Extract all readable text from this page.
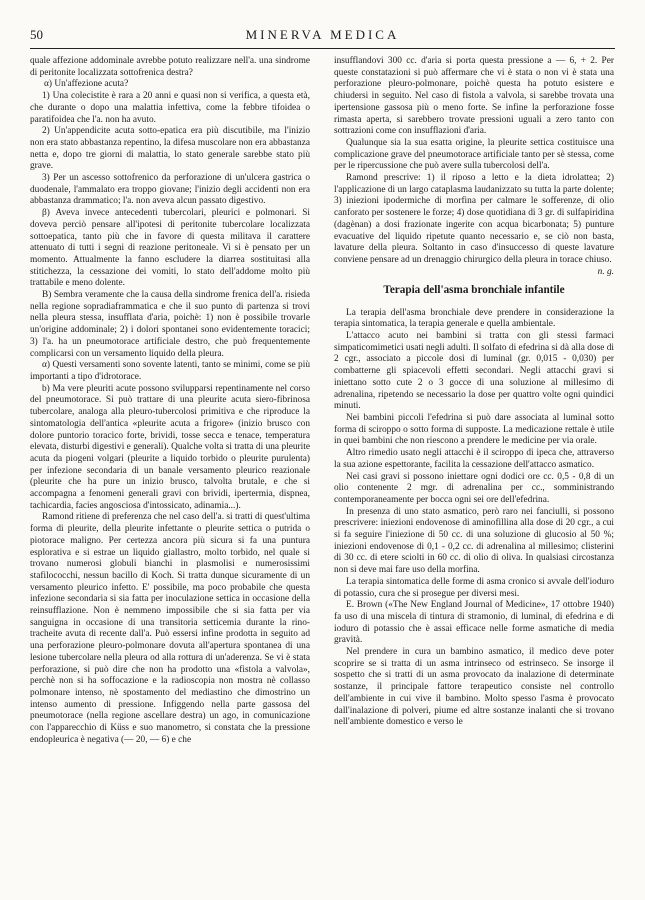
50	MINERVA MEDICA

quale affezione addominale avrebbe potuto realizzare nell'a. una sindrome di peritonite localizzata sottofrenica destra?

α) Un'affezione acuta?

1) Una colecistite è rara a 20 anni e quasi non si verifica, a questa età, che durante o dopo una malattia infettiva, come la febbre tifoidea o paratifoidea che l'a. non ha avuto.

2) Un'appendicite acuta sotto-epatica era più discutibile, ma l'inizio non era stato abbastanza repentino, la difesa muscolare non era abbastanza netta e, dopo tre giorni di malattia, lo stato generale sarebbe stato più grave.

3) Per un ascesso sottofrenico da perforazione di un'ulcera gastrica o duodenale, l'ammalato era troppo giovane; l'inizio degli accidenti non era abbastanza drammatico; l'a. non aveva alcun passato digestivo.

β) Aveva invece antecedenti tubercolari, pleurici e polmonari. Si doveva perciò pensare all'ipotesi di peritonite tubercolare localizzata sottoepatica, tanto più che in favore di questa militava il carattere attenuato di tutti i segni di reazione peritoneale. Vi si è pensato per un momento. Attualmente la fanno escludere la diarrea sostituitasi alla stitichezza, la cessazione dei vomiti, lo stato dell'addome molto più trattabile e meno dolente.

B) Sembra veramente che la causa della sindrome frenica dell'a. risieda nella regione sopradiaframmatica e che il suo punto di partenza si trovi nella pleura stessa, insufflata d'aria, poichè: 1) non è possibile trovarle un'origine addominale; 2) i dolori spontanei sono evidentemente toracici; 3) l'a. ha un pneumotorace artificiale destro, che può frequentemente complicarsi con un versamento liquido della pleura.

α) Questi versamenti sono sovente latenti, tanto se minimi, come se più importanti a tipo d'idrotorace.

b) Ma vere pleuriti acute possono svilupparsi repentinamente nel corso del pneumotorace. Si può trattare di una pleurite acuta siero-fibrinosa tubercolare, analoga alla pleuro-tubercolosi primitiva e che riproduce la sintomatologia dell'antica «pleurite acuta a frigore» (inizio brusco con dolore puntorio toracico forte, brividi, tosse secca e tenace, temperatura elevata, disturbi digestivi e generali). Qualche volta si tratta di una pleurite acuta da piogeni volgari (pleurite a liquido torbido o pleurite purulenta) per infezione secondaria di un banale versamento pleurico reazionale (pleurite che ha pure un inizio brusco, talvolta brutale, e che si accompagna a fenomeni generali gravi con brividi, ipertermia, dispnea, tachicardia, facies angosciosa d'intossicato, adinamia...).

Ramond ritiene di preferenza che nel caso dell'a. si tratti di quest'ultima forma di pleurite, della pleurite infettante o pleurite settica o putrida o piotorace maligno. Per certezza ancora più sicura si fa una puntura esplorativa e si estrae un liquido giallastro, molto torbido, nel quale si trovano numerosi globuli bianchi in plasmolisi e numerosissimi stafilococchi, nessun bacillo di Koch. Si tratta dunque sicuramente di un versamento pleurico infetto. E' possibile, ma poco probabile che questa infezione secondaria si sia fatta per inoculazione settica in occasione della reinsufflazione. Non è nemmeno impossibile che si sia fatta per via sanguigna in occasione di una transitoria setticemia durante la rino-tracheite avuta di recente dall'a. Può essersi infine prodotta in seguito ad una perforazione pleuro-polmonare dovuta all'apertura spontanea di una lesione tubercolare nella pleura od alla rottura di un'aderenza. Se vi è stata perforazione, si può dire che non ha prodotto una «fistola a valvola», perchè non si ha soffocazione e la radioscopia non mostra nè collasso polmonare intenso, nè spostamento del mediastino che dimostrino un intenso aumento di pressione. Infiggendo nella parte gassosa del pneumotorace (nella regione ascellare destra) un ago, in comunicazione con l'apparecchio di Küss e suo manometro, si constata che la pressione endopleurica è negativa (— 20, — 6) e che

insufflandovi 300 cc. d'aria si porta questa pressione a — 6, + 2. Per queste constatazioni si può affermare che vi è stata o non vi è stata una perforazione pleuro-polmonare, poichè questa ha potuto esistere e chiudersi in seguito. Nel caso di fistola a valvola, si sarebbe trovata una ipertensione gassosa più o meno forte. Se infine la perforazione fosse rimasta aperta, si sarebbero trovate pressioni uguali a zero tanto con sottrazioni come con insufflazioni d'aria.

Qualunque sia la sua esatta origine, la pleurite settica costituisce una complicazione grave del pneumotorace artificiale tanto per sè stessa, come per le ripercussione che può avere sulla tubercolosi dell'a.

Ramond prescrive: 1) il riposo a letto e la dieta idrolattea; 2) l'applicazione di un largo cataplasma laudanizzato su tutta la parte dolente; 3) iniezioni ipodermiche di morfina per calmare le sofferenze, di olio canforato per sostenere le forze; 4) dose quotidiana di 3 gr. di sulfapiridina (dagènan) a dosi frazionate ingerite con acqua bicarbonata; 5) punture evacuative del liquido ripetute quanto necessario e, se ciò non basta, lavature della pleura. Soltanto in caso d'insuccesso di queste lavature conviene pensare ad un drenaggio chirurgico della pleura in torace chiuso.
n. g.

Terapia dell'asma bronchiale infantile

La terapia dell'asma bronchiale deve prendere in considerazione la terapia sintomatica, la terapia generale e quella ambientale.

L'attacco acuto nei bambini si tratta con gli stessi farmaci simpaticomimetici usati negli adulti. Il solfato di efedrina si dà alla dose di 2 cgr., associato a piccole dosi di luminal (gr. 0,015 - 0,030) per combatterne gli spiacevoli effetti secondari. Negli attacchi gravi si iniettano sotto cute 2 o 3 gocce di una soluzione al millesimo di adrenalina, ripetendo se necessario la dose per quattro volte ogni quindici minuti.

Nei bambini piccoli l'efedrina si può dare associata al luminal sotto forma di sciroppo o sotto forma di supposte. La medicazione rettale è utile in quei bambini che non riescono a prendere le medicine per via orale.

Altro rimedio usato negli attacchi è il sciroppo di ipeca che, attraverso la sua azione espettorante, facilita la cessazione dell'attacco asmatico.

Nei casi gravi si possono iniettare ogni dodici ore cc. 0,5 - 0,8 di un olio contenente 2 mgr. di adrenalina per cc., somministrando contemporaneamente per bocca ogni sei ore dell'efedrina.

In presenza di uno stato asmatico, però raro nei fanciulli, si possono prescrivere: iniezioni endovenose di aminofillina alla dose di 20 cgr., a cui si fa seguire l'iniezione di 50 cc. di una soluzione di glucosio al 50 %; iniezioni endovenose di 0,1 - 0,2 cc. di adrenalina al millesimo; clisterini di 30 cc. di etere sciolti in 60 cc. di olio di oliva. In qualsiasi circostanza non si deve mai fare uso della morfina.

La terapia sintomatica delle forme di asma cronico si avvale dell'ioduro di potassio, cura che si prosegue per diversi mesi.

E. Brown («The New England Journal of Medicine», 17 ottobre 1940) fa uso di una miscela di tintura di stramonio, di luminal, di efedrina e di ioduro di potassio che è assai efficace nelle forme asmatiche di media gravità.

Nel prendere in cura un bambino asmatico, il medico deve poter scoprire se si tratta di un asma intrinseco od estrinseco. Se insorge il sospetto che si tratti di un asma provocato da inalazione di determinate sostanze, il principale fattore terapeutico consiste nel controllo dell'ambiente in cui vive il bambino. Molto spesso l'asma è provocato dall'inalazione di polveri, piume ed altre sostanze inalanti che si trovano nell'ambiente domestico e verso le
